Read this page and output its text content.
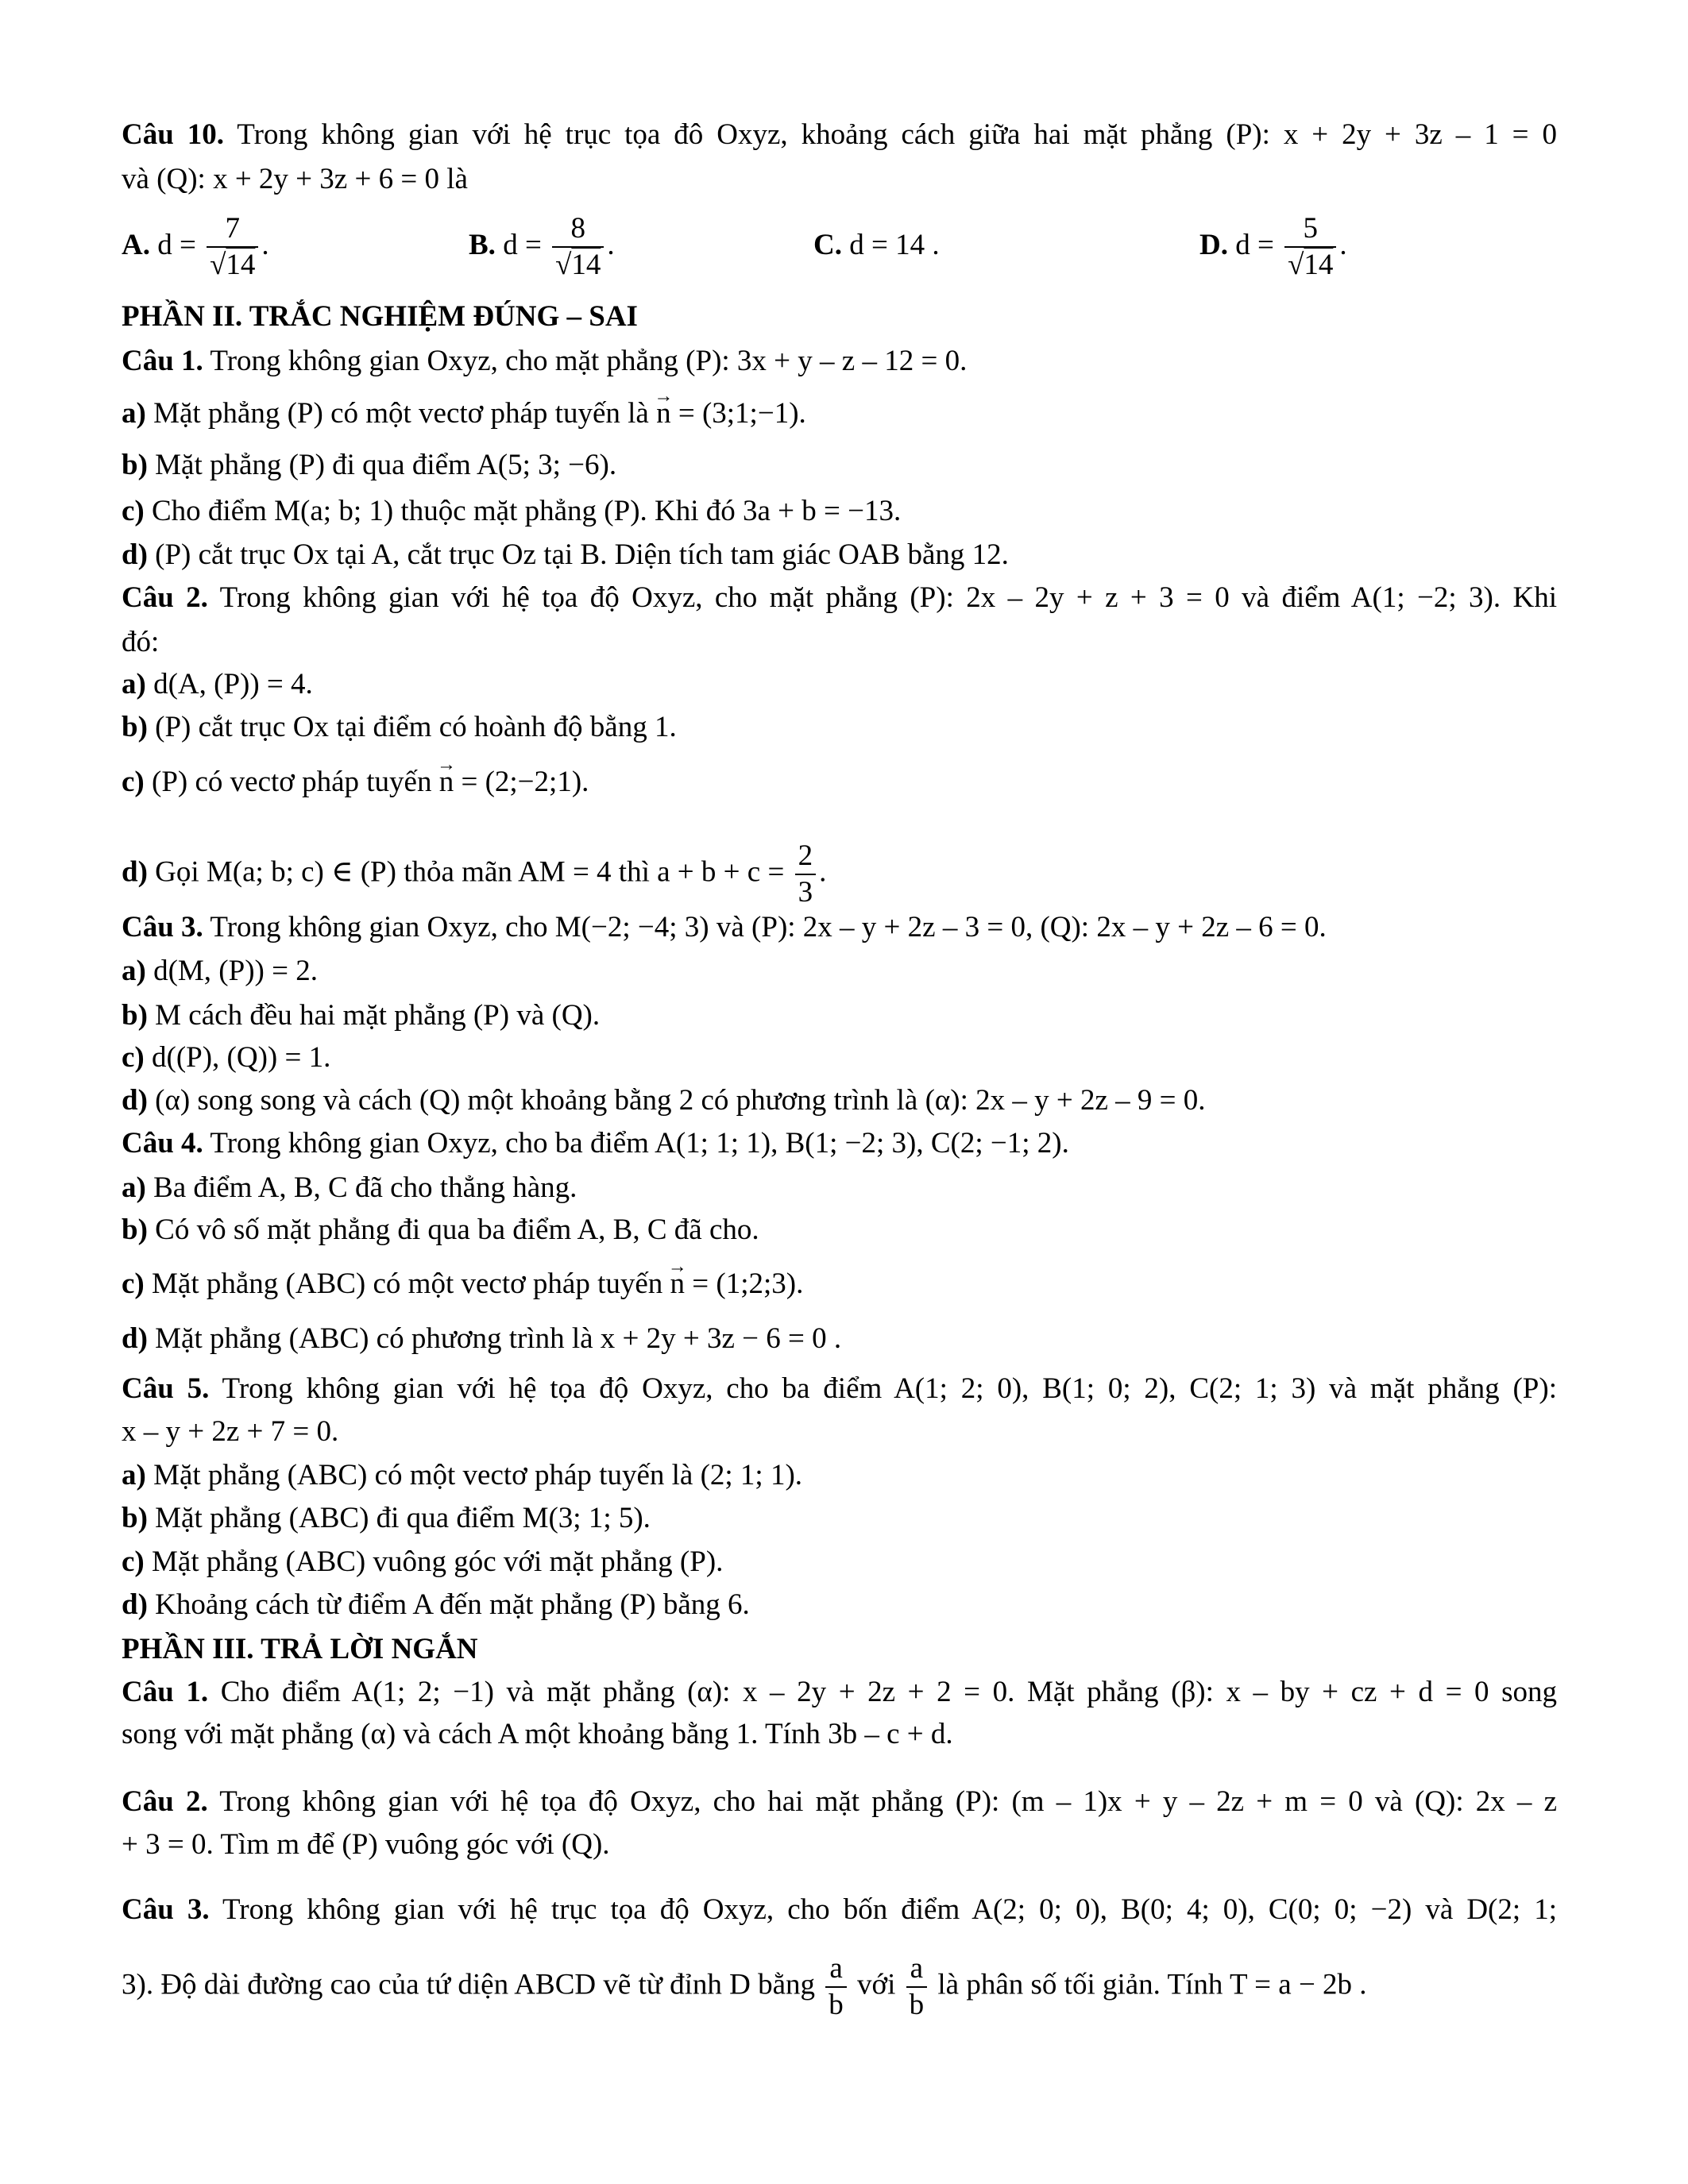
Câu 10. Trong không gian với hệ trục tọa đô Oxyz, khoảng cách giữa hai mặt phẳng (P): x + 2y + 3z – 1 = 0
và (Q): x + 2y + 3z + 6 = 0 là
A. $d = \frac{7}{√14}$ .	B. $d = \frac{8}{√14}$ .	C. d = 14 .	D. $d = \frac{5}{√14}$ .
PHẦN II. TRẮC NGHIỆM ĐÚNG – SAI
Câu 1. Trong không gian Oxyz, cho mặt phẳng (P): 3x + y – z – 12 = 0.
a) Mặt phẳng (P) có một vectơ pháp tuyến là → n = (3;1;−1).
b) Mặt phẳng (P) đi qua điểm A(5; 3; −6).
c) Cho điểm M(a; b; 1) thuộc mặt phẳng (P). Khi đó 3a + b = −13.
d) (P) cắt trục Ox tại A, cắt trục Oz tại B. Diện tích tam giác OAB bằng 12.
Câu 2. Trong không gian với hệ tọa độ Oxyz, cho mặt phẳng (P): 2x – 2y + z + 3 = 0 và điểm A(1; −2; 3). Khi
đó:
a) d(A, (P)) = 4.
b) (P) cắt trục Ox tại điểm có hoành độ bằng 1.
c) (P) có vectơ pháp tuyến → n = (2;−2;1).
d) Gọi M(a; b; c) ∈ (P) thỏa mãn AM = 4 thì $a + b + c = \frac{2}{3}$ .
Câu 3. Trong không gian Oxyz, cho M(−2; −4; 3) và (P): 2x – y + 2z – 3 = 0, (Q): 2x – y + 2z – 6 = 0.
a) d(M, (P)) = 2.
b) M cách đều hai mặt phẳng (P) và (Q).
c) d((P), (Q)) = 1.
d) (α) song song và cách (Q) một khoảng bằng 2 có phương trình là (α): 2x – y + 2z – 9 = 0.
Câu 4. Trong không gian Oxyz, cho ba điểm A(1; 1; 1), B(1; −2; 3), C(2; −1; 2).
a) Ba điểm A, B, C đã cho thẳng hàng.
b) Có vô số mặt phẳng đi qua ba điểm A, B, C đã cho.
c) Mặt phẳng (ABC) có một vectơ pháp tuyến → n = (1;2;3).
d) Mặt phẳng (ABC) có phương trình là x + 2y + 3z − 6 = 0 .
Câu 5. Trong không gian với hệ tọa độ Oxyz, cho ba điểm A(1; 2; 0), B(1; 0; 2), C(2; 1; 3) và mặt phẳng (P):
x – y + 2z + 7 = 0.
a) Mặt phẳng (ABC) có một vectơ pháp tuyến là (2; 1; 1).
b) Mặt phẳng (ABC) đi qua điểm M(3; 1; 5).
c) Mặt phẳng (ABC) vuông góc với mặt phẳng (P).
d) Khoảng cách từ điểm A đến mặt phẳng (P) bằng 6.
PHẦN III. TRẢ LỜI NGẮN
Câu 1. Cho điểm A(1; 2; −1) và mặt phẳng (α): x – 2y + 2z + 2 = 0. Mặt phẳng (β): x – by + cz + d = 0 song
song với mặt phẳng (α) và cách A một khoảng bằng 1. Tính 3b – c + d.
Câu 2. Trong không gian với hệ tọa độ Oxyz, cho hai mặt phẳng (P): (m – 1)x + y – 2z + m = 0 và (Q): 2x – z
+ 3 = 0. Tìm m để (P) vuông góc với (Q).
Câu 3. Trong không gian với hệ trục tọa độ Oxyz, cho bốn điểm A(2; 0; 0), B(0; 4; 0), C(0; 0; −2) và D(2; 1;
3). Độ dài đường cao của tứ diện ABCD vẽ từ đỉnh D bằng $\frac{a}{b}$ với $\frac{a}{b}$ là phân số tối giản. Tính T = a − 2b .
